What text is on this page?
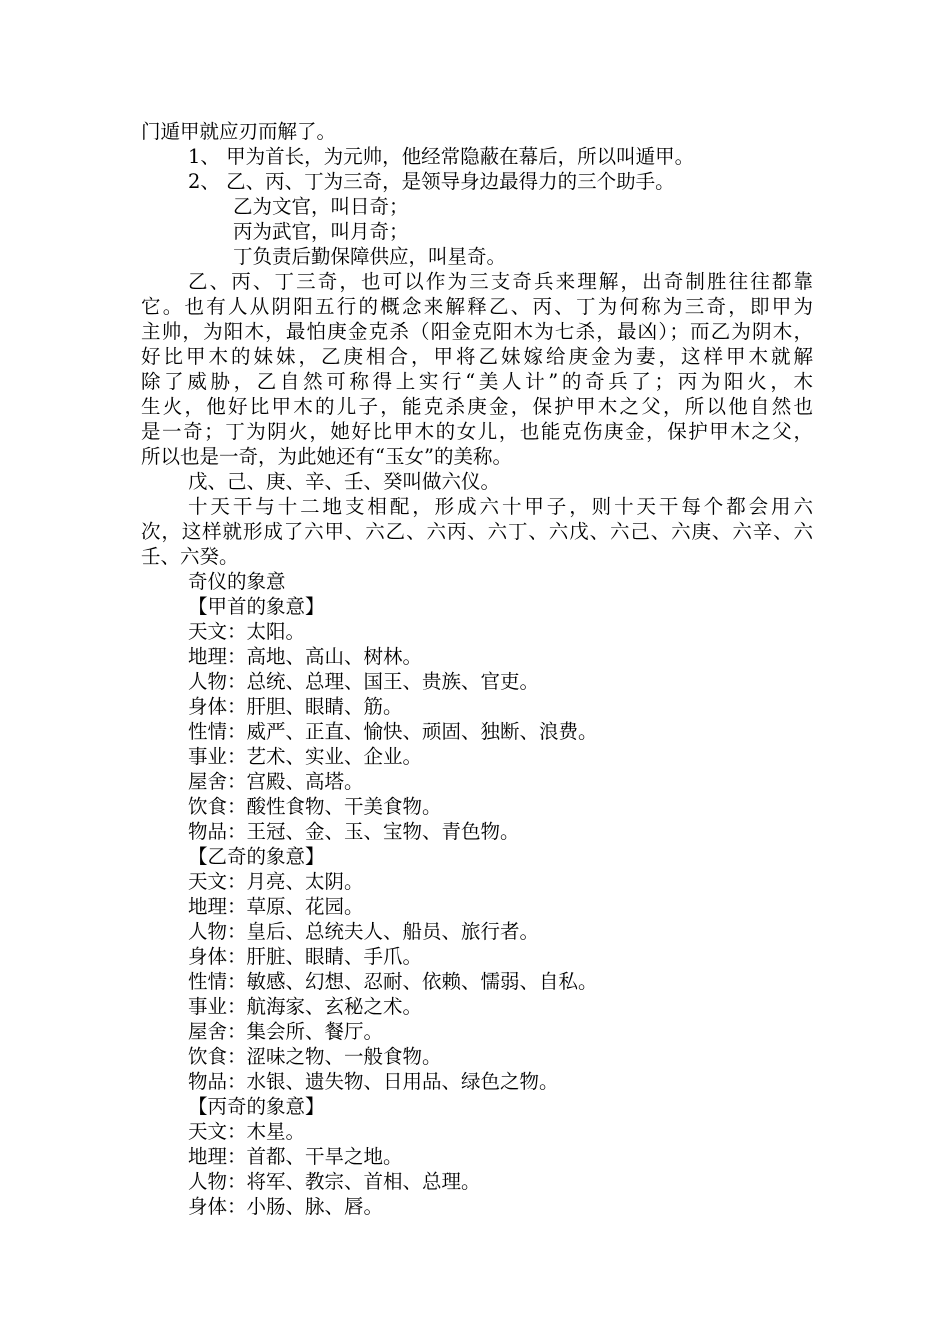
门遁甲就应刃而解了。
1、 甲为首长，为元帅，他经常隐蔽在幕后，所以叫遁甲。
2、 乙、丙、丁为三奇，是领导身边最得力的三个助手。
乙为文官，叫日奇；
丙为武官，叫月奇；
丁负责后勤保障供应，叫星奇。
乙、丙、丁三奇，也可以作为三支奇兵来理解，出奇制胜往往都靠
它。也有人从阴阳五行的概念来解释乙、丙、丁为何称为三奇，即甲为
主帅，为阳木，最怕庚金克杀（阳金克阳木为七杀，最凶）；而乙为阴木，
好比甲木的妹妹，乙庚相合，甲将乙妹嫁给庚金为妻，这样甲木就解
除了威胁，乙自然可称得上实行“美人计”的奇兵了；丙为阳火，木
生火，他好比甲木的儿子，能克杀庚金，保护甲木之父，所以他自然也
是一奇；丁为阴火，她好比甲木的女儿，也能克伤庚金，保护甲木之父，
所以也是一奇，为此她还有“玉女”的美称。
戊、己、庚、辛、壬、癸叫做六仪。
十天干与十二地支相配，形成六十甲子，则十天干每个都会用六
次，这样就形成了六甲、六乙、六丙、六丁、六戊、六己、六庚、六辛、六
壬、六癸。
奇仪的象意
【甲首的象意】
天文：太阳。
地理：高地、高山、树林。
人物：总统、总理、国王、贵族、官吏。
身体：肝胆、眼睛、筋。
性情：威严、正直、愉快、顽固、独断、浪费。
事业：艺术、实业、企业。
屋舍：宫殿、高塔。
饮食：酸性食物、干美食物。
物品：王冠、金、玉、宝物、青色物。
【乙奇的象意】
天文：月亮、太阴。
地理：草原、花园。
人物：皇后、总统夫人、船员、旅行者。
身体：肝脏、眼睛、手爪。
性情：敏感、幻想、忍耐、依赖、懦弱、自私。
事业：航海家、玄秘之术。
屋舍：集会所、餐厅。
饮食：涩味之物、一般食物。
物品：水银、遗失物、日用品、绿色之物。
【丙奇的象意】
天文：木星。
地理：首都、干旱之地。
人物：将军、教宗、首相、总理。
身体：小肠、脉、唇。
